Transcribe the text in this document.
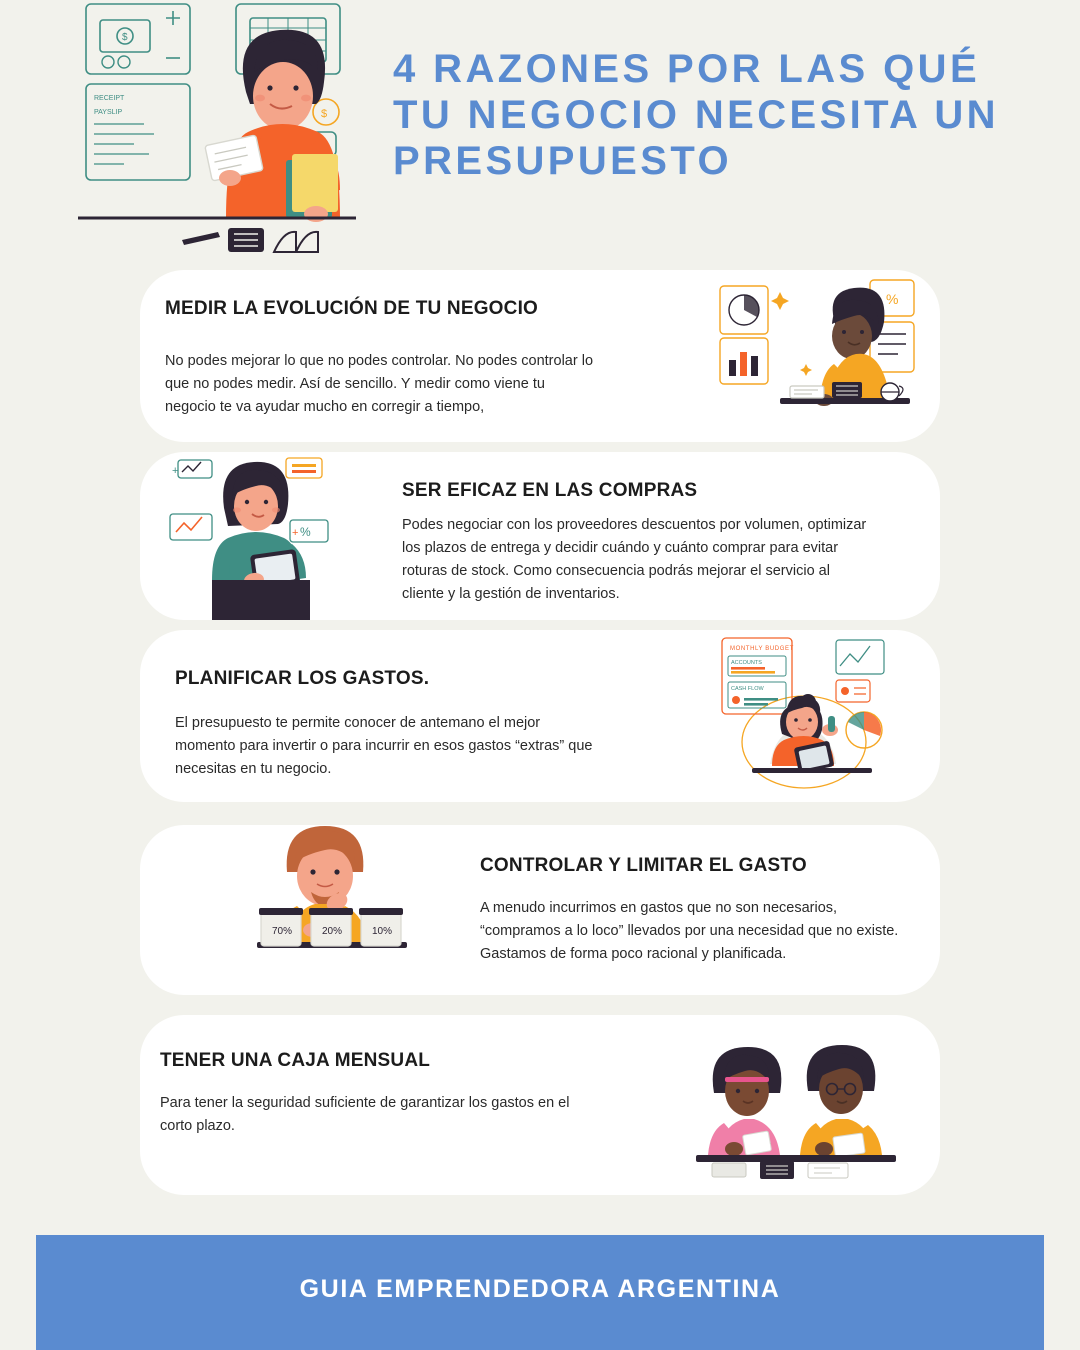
$
RECEIPT
PAYSLIP	$
4 RAZONES POR LAS QUÉ TU NEGOCIO NECESITA UN PRESUPUESTO
MEDIR LA EVOLUCIÓN DE TU NEGOCIO
No podes mejorar lo que no podes controlar. No podes controlar lo que no podes medir. Así de sencillo. Y medir como viene tu negocio te va ayudar mucho en corregir a tiempo,
%
SER EFICAZ EN LAS COMPRAS
Podes negociar con los proveedores descuentos por volumen, optimizar los plazos de entrega y decidir cuándo y cuánto comprar para evitar roturas de stock. Como consecuencia podrás mejorar el servicio al cliente y la gestión de inventarios.
+
%
+
PLANIFICAR LOS GASTOS.
El presupuesto te permite conocer de antemano el mejor momento para invertir o para incurrir en esos gastos “extras” que necesitas en tu negocio.
MONTHLY BUDGET
ACCOUNTS
CASH FLOW
CONTROLAR Y LIMITAR EL GASTO
A menudo incurrimos en gastos que no son necesarios, “compramos a lo loco” llevados por una necesidad que no existe. Gastamos de forma poco racional y planificada.
70%	20%	10%
TENER UNA CAJA MENSUAL
Para tener la seguridad suficiente de garantizar los gastos en el corto plazo.
GUIA EMPRENDEDORA ARGENTINA
